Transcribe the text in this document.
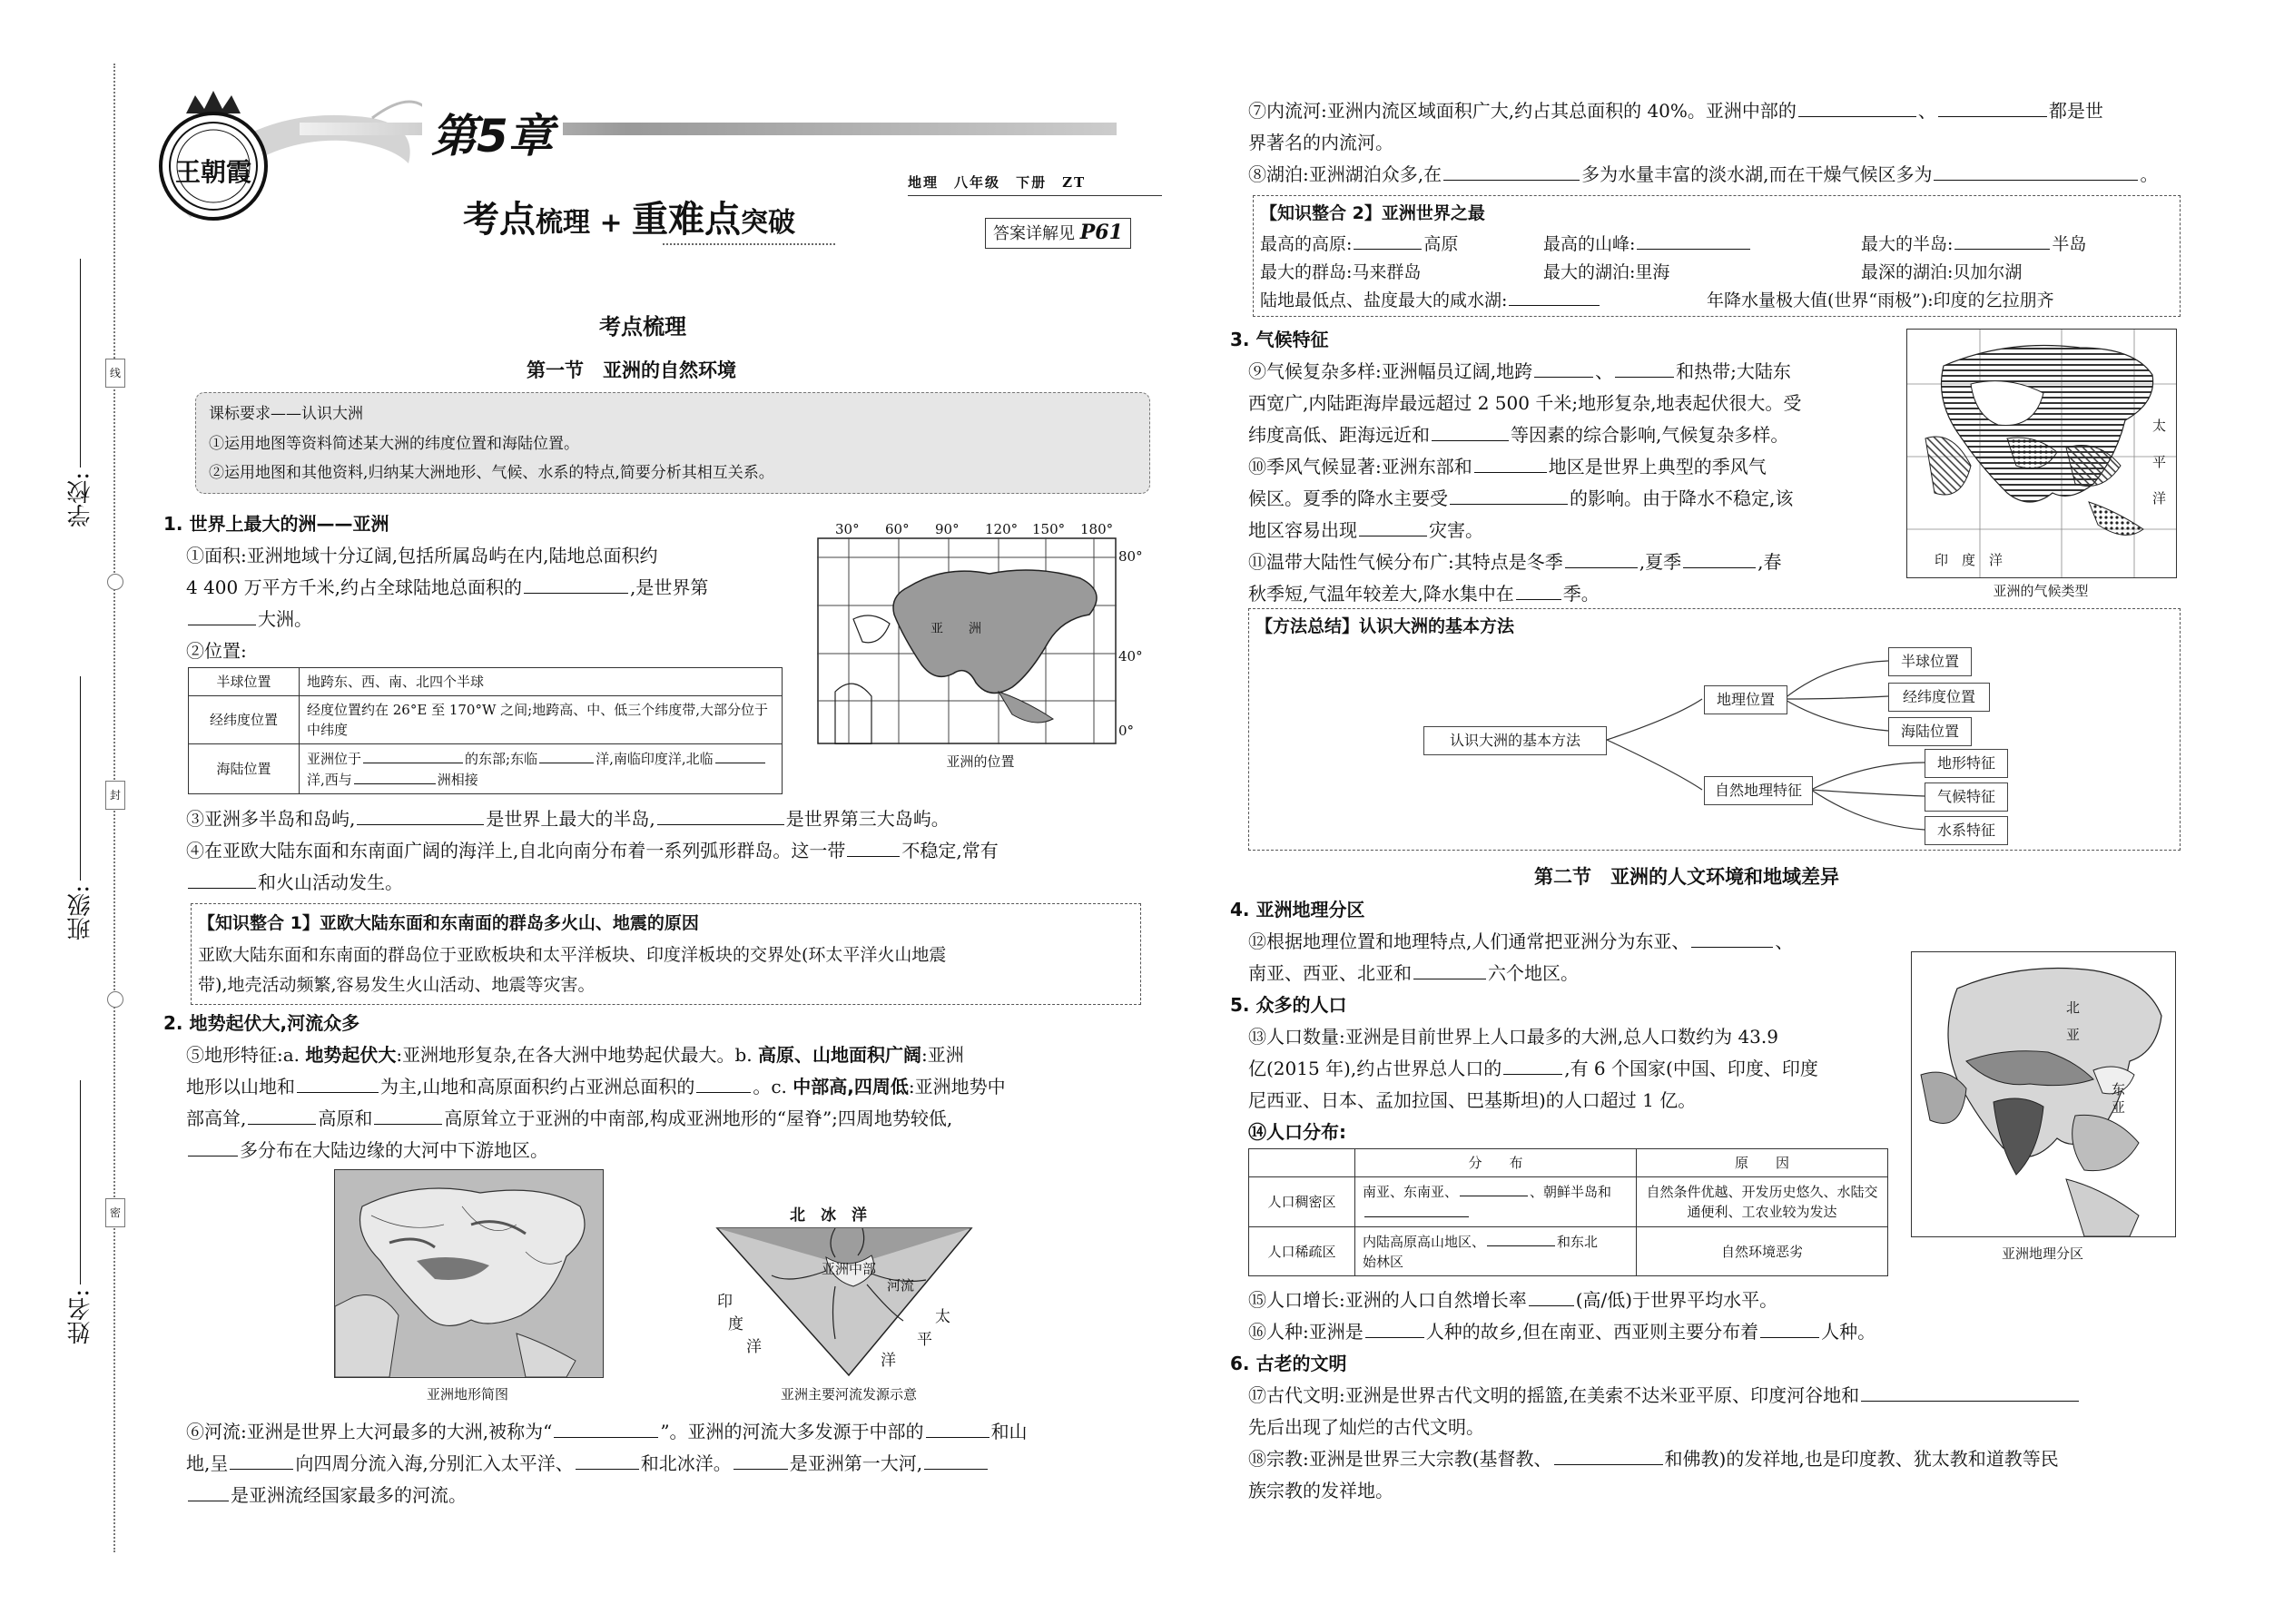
学校:
班级:
姓名:
线
封
密
王朝霞
第5章
考点梳理 + 重难点突破
地理　 八年级　 下册　 ZT
答案详解见 P61
考点梳理
第一节　亚洲的自然环境
课标要求——认识大洲
①运用地图等资料简述某大洲的纬度位置和海陆位置。
②运用地图和其他资料,归纳某大洲地形、气候、水系的特点,简要分析其相互关系。
1. 世界上最大的洲——亚洲
①面积:亚洲地域十分辽阔,包括所属岛屿在内,陆地总面积约
4 400 万平方千米,约占全球陆地总面积的	,是世界第
大洲。
②位置:
半球位置	地跨东、西、南、北四个半球
经纬度位置	经度位置约在 26°E 至 170°W 之间;地跨高、中、低三个纬度带,大部分位于中纬度
海陆位置	亚洲位于 的东部;东临 洋,南临印度洋,北临洋,西与 洲相接
30° 60° 90° 120° 150° 180°
80°
40°
0°
亚　　洲
亚洲的位置
③亚洲多半岛和岛屿,	是世界上最大的半岛,	是世界第三大岛屿。
④在亚欧大陆东面和东南面广阔的海洋上,自北向南分布着一系列弧形群岛。这一带	不稳定,常有
和火山活动发生。
【知识整合 1】亚欧大陆东面和东南面的群岛多火山、地震的原因
亚欧大陆东面和东南面的群岛位于亚欧板块和太平洋板块、印度洋板块的交界处(环太平洋火山地震
带),地壳活动频繁,容易发生火山活动、地震等灾害。
2. 地势起伏大,河流众多
⑤地形特征:a. 地势起伏大:亚洲地形复杂,在各大洲中地势起伏最大。b. 高原、山地面积广阔:亚洲
地形以山地和	为主,山地和高原面积约占亚洲总面积的	。c. 中部高,四周低:亚洲地势中
部高耸,	高原和	高原耸立于亚洲的中南部,构成亚洲地形的“屋脊”;四周地势较低,
多分布在大陆边缘的大河中下游地区。
亚洲地形简图
北　冰　洋
亚洲中部
河流
印
度
洋
太
平
洋
亚洲主要河流发源示意
⑥河流:亚洲是世界上大河最多的大洲,被称为“	”。亚洲的河流大多发源于中部的	和山
地,呈	向四周分流入海,分别汇入太平洋、	和北冰洋。	是亚洲第一大河,
是亚洲流经国家最多的河流。
⑦内流河:亚洲内流区域面积广大,约占其总面积的 40%。亚洲中部的	、	都是世
界著名的内流河。
⑧湖泊:亚洲湖泊众多,在	多为水量丰富的淡水湖,而在干燥气候区多为	。
【知识整合 2】亚洲世界之最
最高的高原:	高原	最高的山峰:	最大的半岛:	半岛
最大的群岛:马来群岛	最大的湖泊:里海	最深的湖泊:贝加尔湖
陆地最低点、盐度最大的咸水湖:	年降水量极大值(世界“雨极”):印度的乞拉朋齐
3. 气候特征
⑨气候复杂多样:亚洲幅员辽阔,地跨	、	和热带;大陆东
西宽广,内陆距海岸最远超过 2 500 千米;地形复杂,地表起伏很大。受
纬度高低、距海远近和	等因素的综合影响,气候复杂多样。
⑩季风气候显著:亚洲东部和	地区是世界上典型的季风气
候区。夏季的降水主要受	的影响。由于降水不稳定,该
地区容易出现	灾害。
⑪温带大陆性气候分布广:其特点是冬季	,夏季	,春
秋季短,气温年较差大,降水集中在	季。
太
平
洋
印　度　洋
亚洲的气候类型
【方法总结】认识大洲的基本方法
认识大洲的基本方法
地理位置
自然地理特征
半球位置
经纬度位置
海陆位置
地形特征
气候特征
水系特征
第二节　亚洲的人文环境和地域差异
4. 亚洲地理分区
⑫根据地理位置和地理特点,人们通常把亚洲分为东亚、	、
南亚、西亚、北亚和	六个地区。
5. 众多的人口
⑬人口数量:亚洲是目前世界上人口最多的大洲,总人口数约为 43.9
亿(2015 年),约占世界总人口的	,有 6 个国家(中国、印度、印度
尼西亚、日本、孟加拉国、巴基斯坦)的人口超过 1 亿。
⑭人口分布:
	分　　布	原　　因
人口稠密区	南亚、东南亚、 、朝鲜半岛和	自然条件优越、开发历史悠久、水陆交通便利、工农业较为发达
人口稀疏区	内陆高原高山地区、 和东北
始林区	自然环境恶劣
北
亚
东
亚
亚洲地理分区
⑮人口增长:亚洲的人口自然增长率	(高/低)于世界平均水平。
⑯人种:亚洲是	人种的故乡,但在南亚、西亚则主要分布着	人种。
6. 古老的文明
⑰古代文明:亚洲是世界古代文明的摇篮,在美索不达米亚平原、印度河谷地和
先后出现了灿烂的古代文明。
⑱宗教:亚洲是世界三大宗教(基督教、	和佛教)的发祥地,也是印度教、犹太教和道教等民
族宗教的发祥地。
